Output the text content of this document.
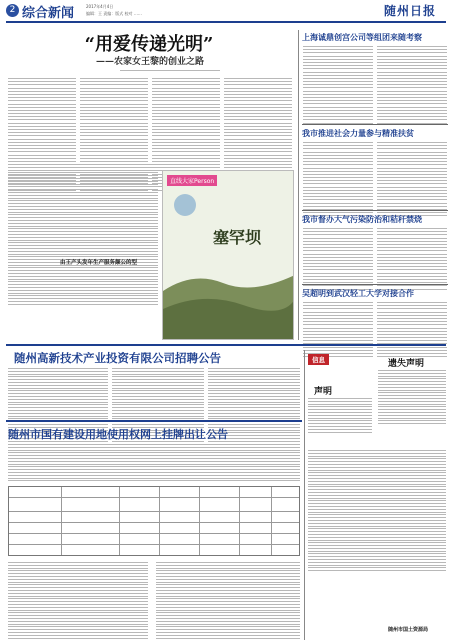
2 综合新闻	随州日报
2017年4月4日
编辑：王 责编：版式 校对 ……
“用爱传递光明”
——农家女王黎的创业之路
上海诚鼎创宫公司等组团来随考察
我市推进社会力量参与精准扶贫
我市督办大气污染防治和秸秆禁烧
吴超明到武汉轻工大学对接合作
由王产头发年生产服务颠公的型
直线大家Person
塞罕坝
随州高新技术产业投资有限公司招聘公告	信息
声明
遗失声明
随州市国有建设用地使用权网上挂牌出让公告
随州市国土资源局
